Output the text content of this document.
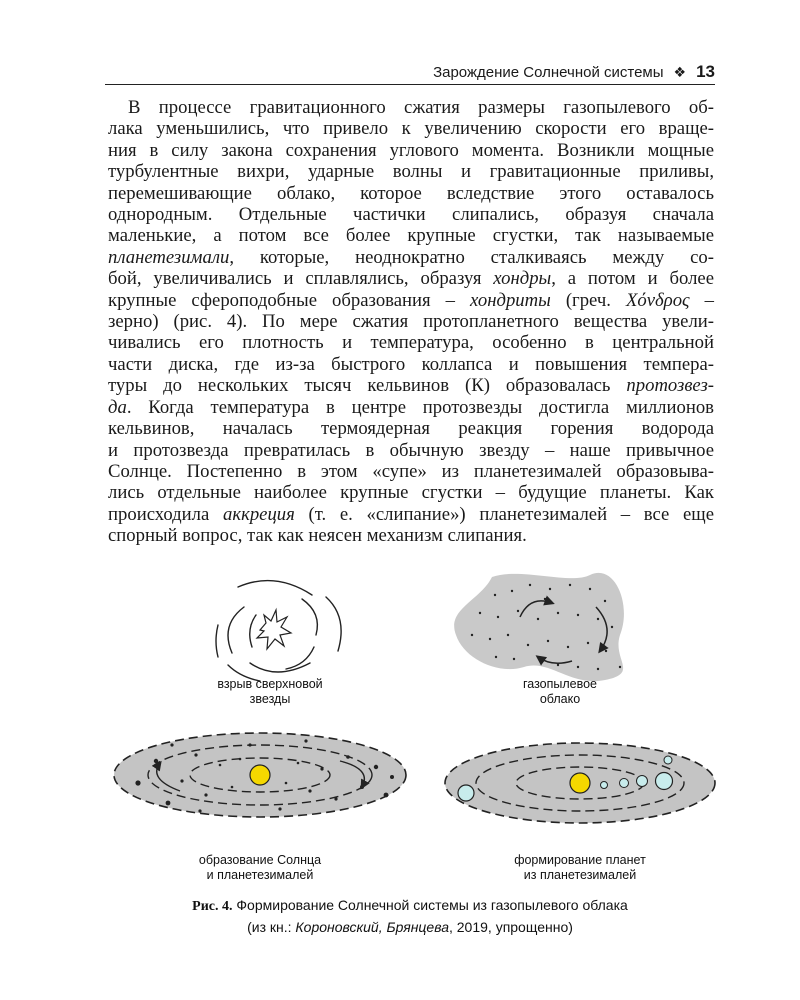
Зарождение Солнечной системы ❖ 13
В процессе гравитационного сжатия размеры газопылевого об-
лака уменьшились, что привело к увеличению скорости его враще-
ния в силу закона сохранения углового момента. Возникли мощные
турбулентные вихри, ударные волны и гравитационные приливы,
перемешивающие облако, которое вследствие этого оставалось
однородным. Отдельные частички слипались, образуя сначала
маленькие, а потом все более крупные сгустки, так называемые
планетезимали, которые, неоднократно сталкиваясь между со-
бой, увеличивались и сплавлялись, образуя хондры, а потом и более
крупные сфероподобные образования – хондриты (греч. Χόνδρος –
зерно) (рис. 4). По мере сжатия протопланетного вещества увели-
чивались его плотность и температура, особенно в центральной
части диска, где из-за быстрого коллапса и повышения темпера-
туры до нескольких тысяч кельвинов (К) образовалась протозвез-
да. Когда температура в центре протозвезды достигла миллионов
кельвинов, началась термоядерная реакция горения водорода
и протозвезда превратилась в обычную звезду – наше привычное
Солнце. Постепенно в этом «супе» из планетезималей образовыва-
лись отдельные наиболее крупные сгустки – будущие планеты. Как
происходила аккреция (т. е. «слипание») планетезималей – все еще
спорный вопрос, так как неясен механизм слипания.
взрыв сверхновой
звезды
газопылевое
облако
образование Солнца
и планетезималей
формирование планет
из планетезималей
Рис. 4. Формирование Солнечной системы из газопылевого облака
(из кн.: Короновский, Брянцева, 2019, упрощенно)
